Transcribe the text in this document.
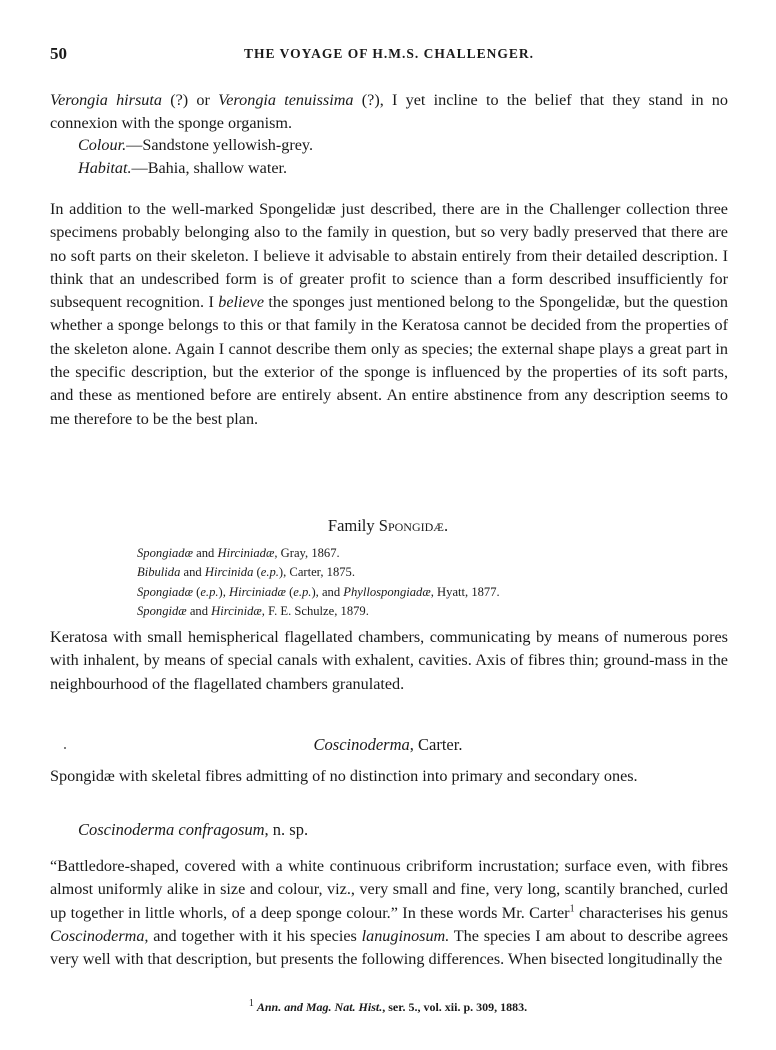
50	THE VOYAGE OF H.M.S. CHALLENGER.

Verongia hirsuta (?) or Verongia tenuissima (?), I yet incline to the belief that they stand in no connexion with the sponge organism.

Colour.—Sandstone yellowish-grey.

Habitat.—Bahia, shallow water.

In addition to the well-marked Spongelidæ just described, there are in the Challenger collection three specimens probably belonging also to the family in question, but so very badly preserved that there are no soft parts on their skeleton. I believe it advisable to abstain entirely from their detailed description. I think that an undescribed form is of greater profit to science than a form described insufficiently for subsequent recognition. I believe the sponges just mentioned belong to the Spongelidæ, but the question whether a sponge belongs to this or that family in the Keratosa cannot be decided from the properties of the skeleton alone. Again I cannot describe them only as species; the external shape plays a great part in the specific description, but the exterior of the sponge is influenced by the properties of its soft parts, and these as mentioned before are entirely absent. An entire abstinence from any description seems to me therefore to be the best plan.

Family Spongidæ.
Spongiadæ and Hirciniadæ, Gray, 1867.
Bibulida and Hircinida (e.p.), Carter, 1875.
Spongiadæ (e.p.), Hirciniadæ (e.p.), and Phyllospongiadæ, Hyatt, 1877.
Spongidæ and Hircinidæ, F. E. Schulze, 1879.

Keratosa with small hemispherical flagellated chambers, communicating by means of numerous pores with inhalent, by means of special canals with exhalent, cavities. Axis of fibres thin; ground-mass in the neighbourhood of the flagellated chambers granulated.

Coscinoderma, Carter.

Spongidæ with skeletal fibres admitting of no distinction into primary and secondary ones.

Coscinoderma confragosum, n. sp.

“Battledore-shaped, covered with a white continuous cribriform incrustation; surface even, with fibres almost uniformly alike in size and colour, viz., very small and fine, very long, scantily branched, curled up together in little whorls, of a deep sponge colour.” In these words Mr. Carter$^1$ characterises his genus Coscinoderma, and together with it his species lanuginosum. The species I am about to describe agrees very well with that description, but presents the following differences. When bisected longitudinally the

$^1$ Ann. and Mag. Nat. Hist., ser. 5., vol. xii. p. 309, 1883.
